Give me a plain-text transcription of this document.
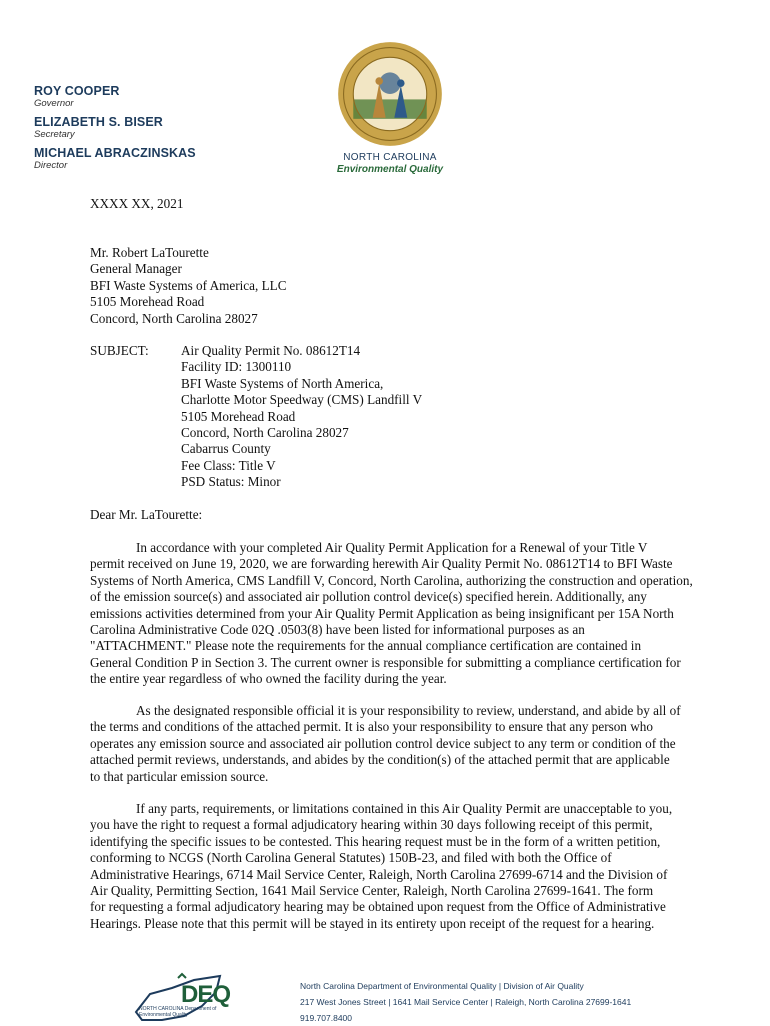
ROY COOPER
Governor
ELIZABETH S. BISER
Secretary
MICHAEL ABRACZINSKAS
Director
NORTH CAROLINA
Environmental Quality
XXXX XX, 2021
Mr. Robert LaTourette
General Manager
BFI Waste Systems of America, LLC
5105 Morehead Road
Concord, North Carolina 28027
SUBJECT: Air Quality Permit No. 08612T14
Facility ID: 1300110
BFI Waste Systems of North America,
Charlotte Motor Speedway (CMS) Landfill V
5105 Morehead Road
Concord, North Carolina 28027
Cabarrus County
Fee Class: Title V
PSD Status: Minor
Dear Mr. LaTourette:
In accordance with your completed Air Quality Permit Application for a Renewal of your Title V
permit received on June 19, 2020, we are forwarding herewith Air Quality Permit No. 08612T14 to BFI Waste
Systems of North America, CMS Landfill V, Concord, North Carolina, authorizing the construction and operation,
of the emission source(s) and associated air pollution control device(s) specified herein. Additionally, any
emissions activities determined from your Air Quality Permit Application as being insignificant per 15A North
Carolina Administrative Code 02Q .0503(8) have been listed for informational purposes as an
"ATTACHMENT." Please note the requirements for the annual compliance certification are contained in
General Condition P in Section 3. The current owner is responsible for submitting a compliance certification for
the entire year regardless of who owned the facility during the year.
As the designated responsible official it is your responsibility to review, understand, and abide by all of
the terms and conditions of the attached permit. It is also your responsibility to ensure that any person who
operates any emission source and associated air pollution control device subject to any term or condition of the
attached permit reviews, understands, and abides by the condition(s) of the attached permit that are applicable
to that particular emission source.
If any parts, requirements, or limitations contained in this Air Quality Permit are unacceptable to you,
you have the right to request a formal adjudicatory hearing within 30 days following receipt of this permit,
identifying the specific issues to be contested. This hearing request must be in the form of a written petition,
conforming to NCGS (North Carolina General Statutes) 150B-23, and filed with both the Office of
Administrative Hearings, 6714 Mail Service Center, Raleigh, North Carolina 27699-6714 and the Division of
Air Quality, Permitting Section, 1641 Mail Service Center, Raleigh, North Carolina 27699-1641. The form
for requesting a formal adjudicatory hearing may be obtained upon request from the Office of Administrative
Hearings. Please note that this permit will be stayed in its entirety upon receipt of the request for a hearing.
DEQ
NORTH CAROLINA Department of Environmental Quality
North Carolina Department of Environmental Quality | Division of Air Quality
217 West Jones Street | 1641 Mail Service Center | Raleigh, North Carolina 27699-1641
919.707.8400
